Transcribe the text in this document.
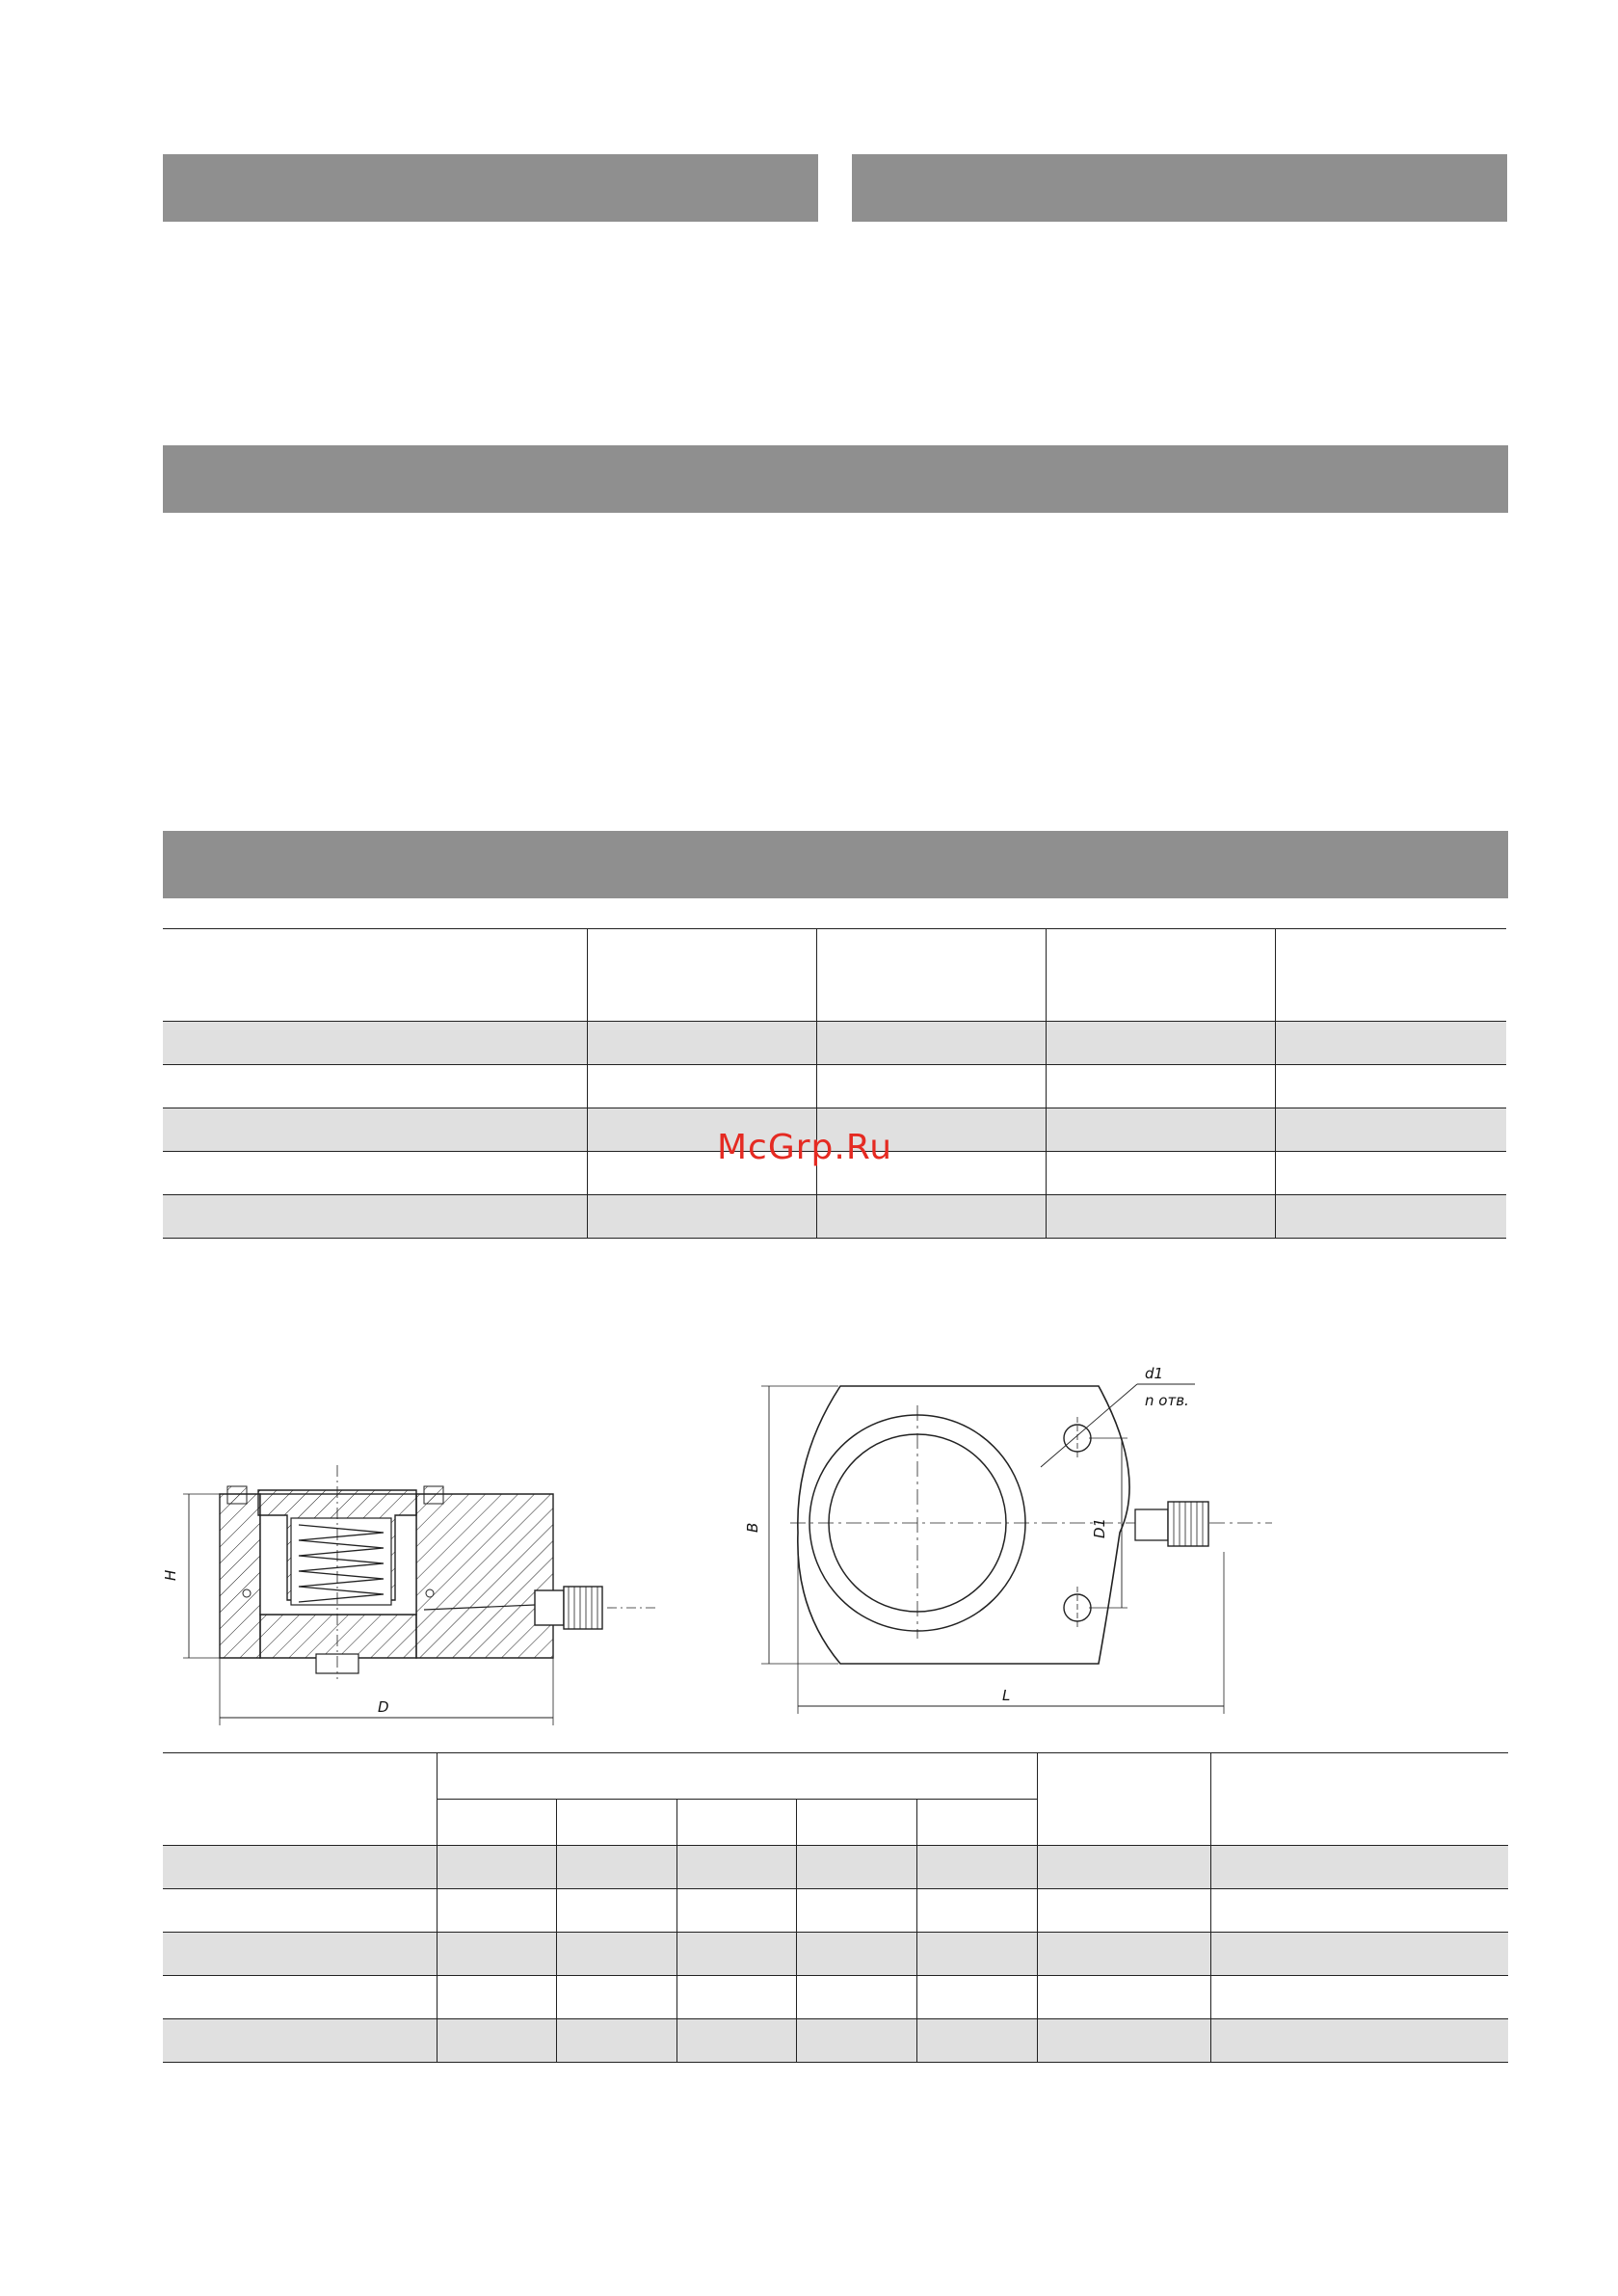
McGrp.Ru
H
D
B	D1
L
d1
n отв.
